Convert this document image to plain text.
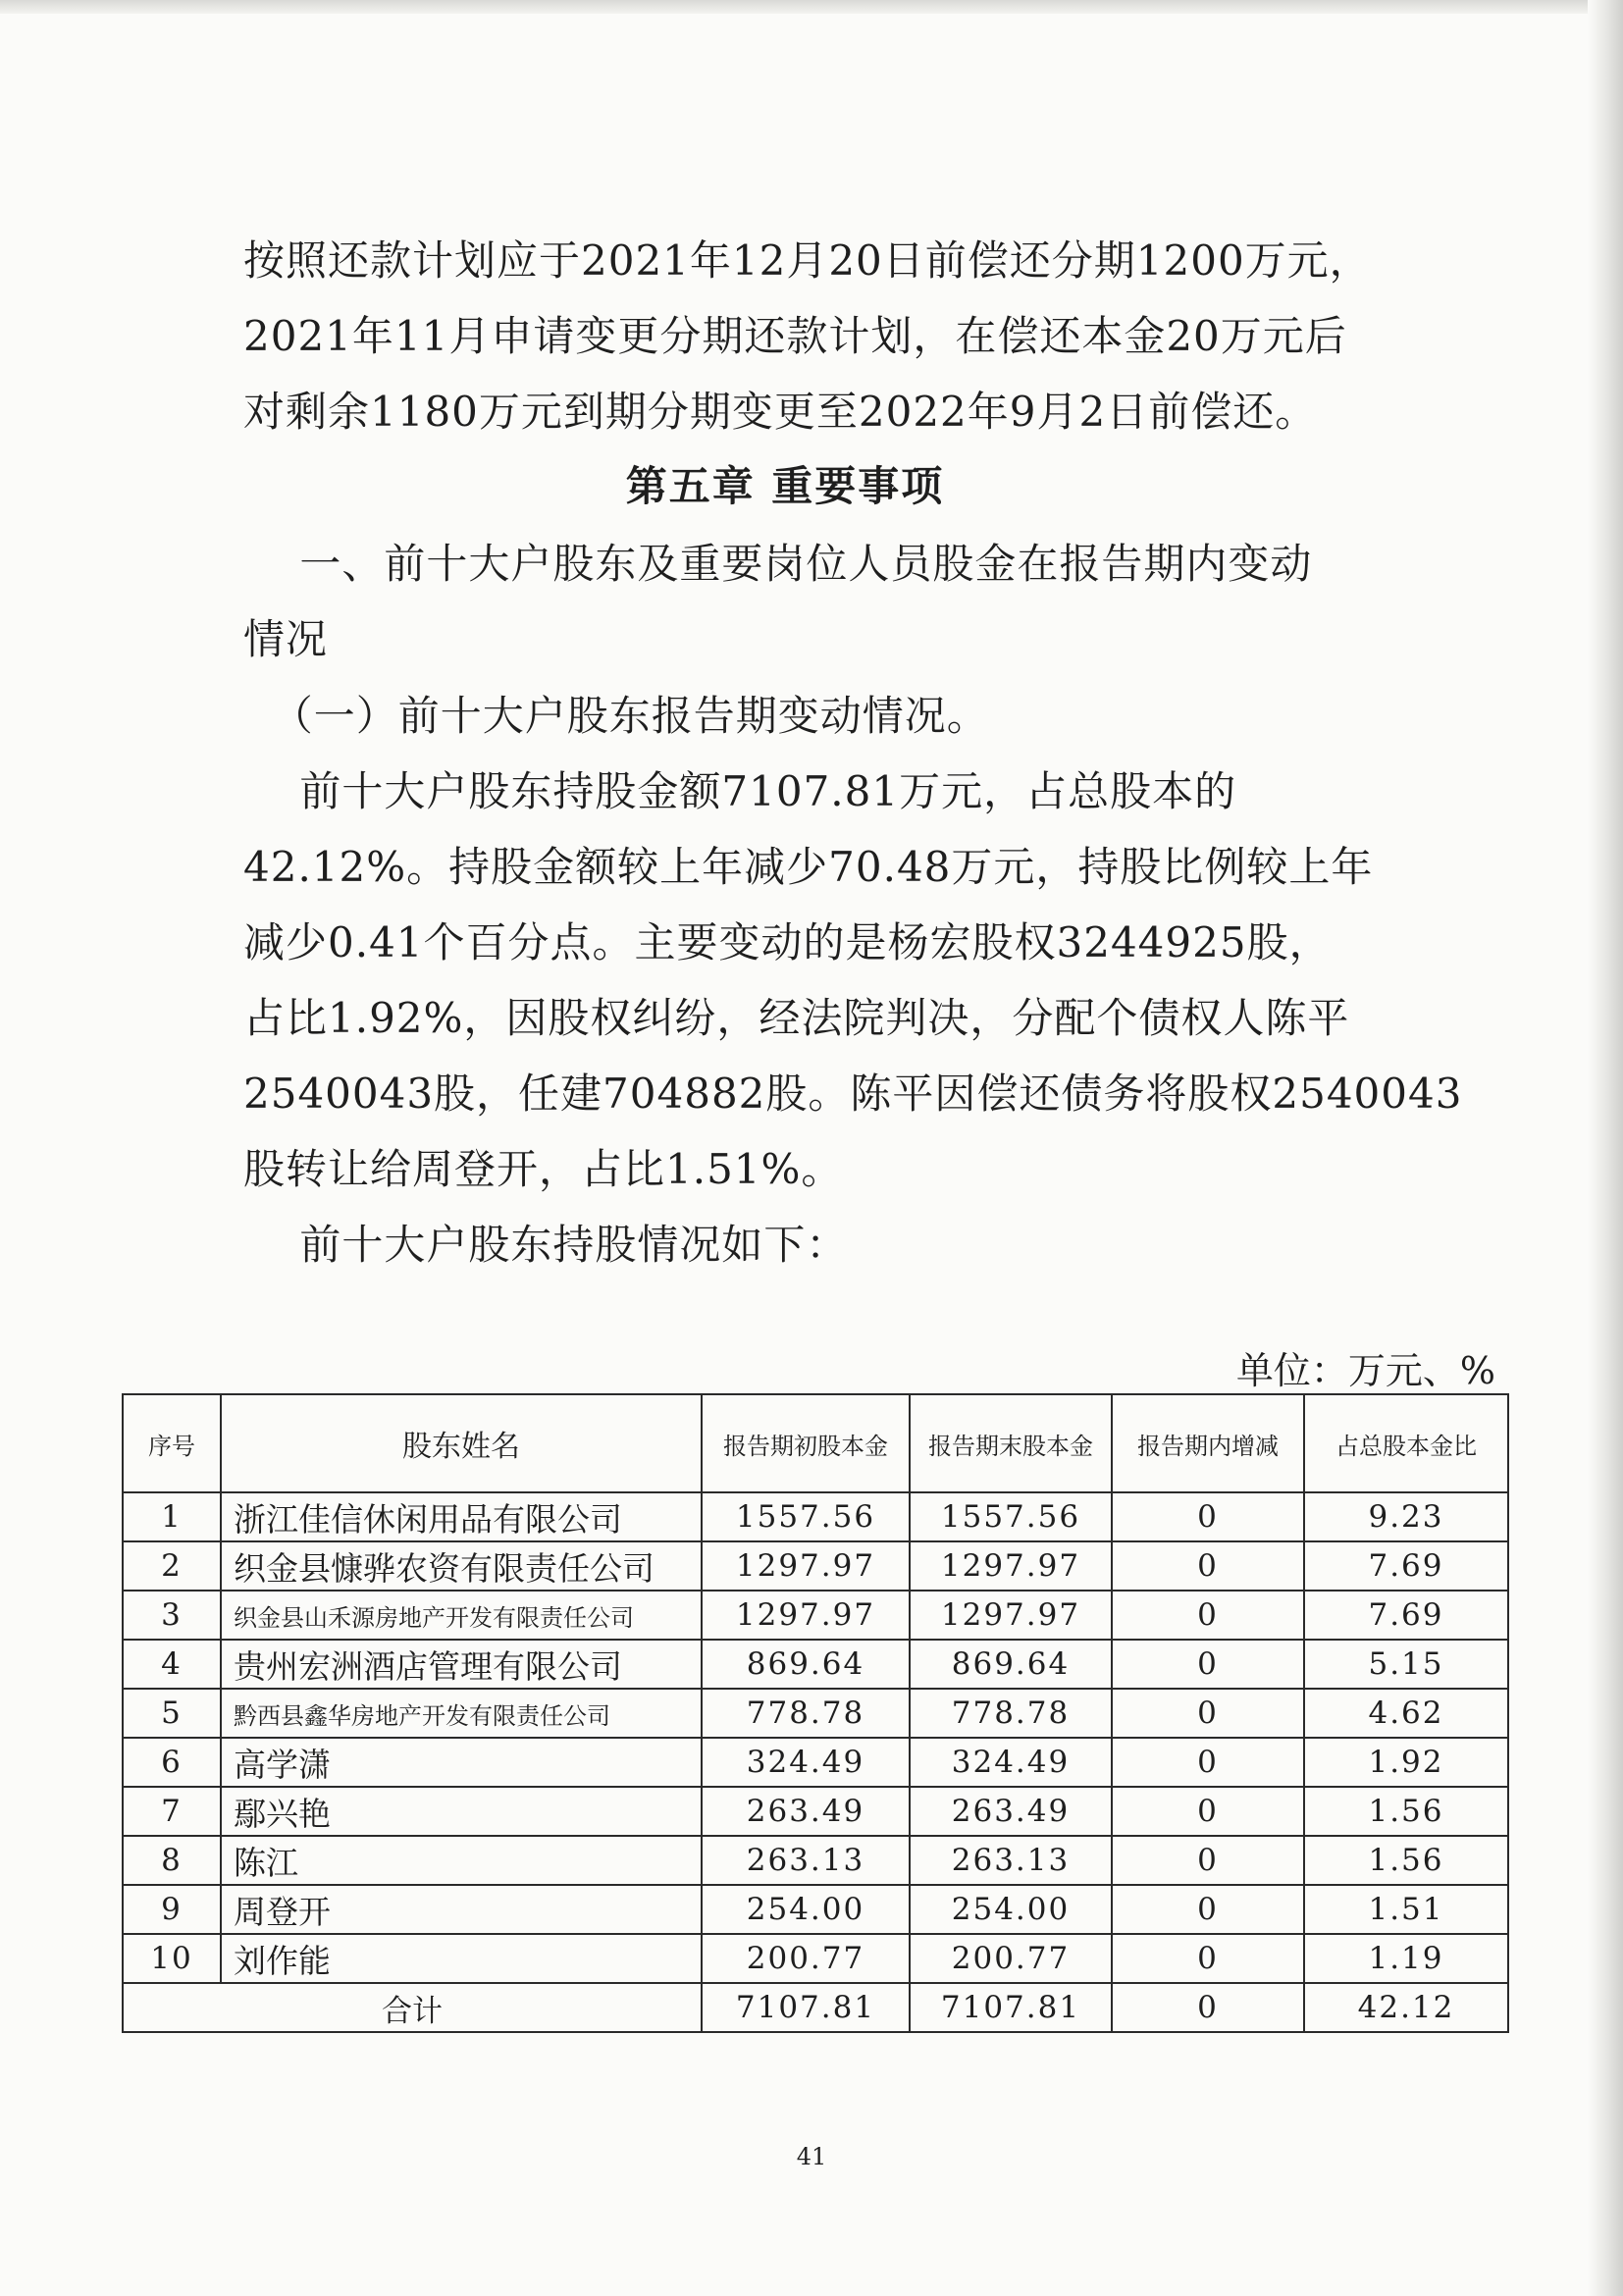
按照还款计划应于2021年12月20日前偿还分期1200万元，
2021年11月申请变更分期还款计划，在偿还本金20万元后
对剩余1180万元到期分期变更至2022年9月2日前偿还。
第五章 重要事项
一、前十大户股东及重要岗位人员股金在报告期内变动
情况
（一）前十大户股东报告期变动情况。
前十大户股东持股金额7107.81万元，占总股本的
42.12%。持股金额较上年减少70.48万元，持股比例较上年
减少0.41个百分点。主要变动的是杨宏股权3244925股，
占比1.92%，因股权纠纷，经法院判决，分配个债权人陈平
2540043股，任建704882股。陈平因偿还债务将股权2540043
股转让给周登开，占比1.51%。
前十大户股东持股情况如下：
单位：万元、%
序号	股东姓名	报告期初股本金	报告期末股本金	报告期内增减	占总股本金比
1	浙江佳信休闲用品有限公司	1557.56	1557.56	0	9.23
2	织金县慷骅农资有限责任公司	1297.97	1297.97	0	7.69
3	织金县山禾源房地产开发有限责任公司	1297.97	1297.97	0	7.69
4	贵州宏洲酒店管理有限公司	869.64	869.64	0	5.15
5	黔西县鑫华房地产开发有限责任公司	778.78	778.78	0	4.62
6	高学潇	324.49	324.49	0	1.92
7	鄢兴艳	263.49	263.49	0	1.56
8	陈江	263.13	263.13	0	1.56
9	周登开	254.00	254.00	0	1.51
10	刘作能	200.77	200.77	0	1.19
合计		7107.81	7107.81	0	42.12
41
